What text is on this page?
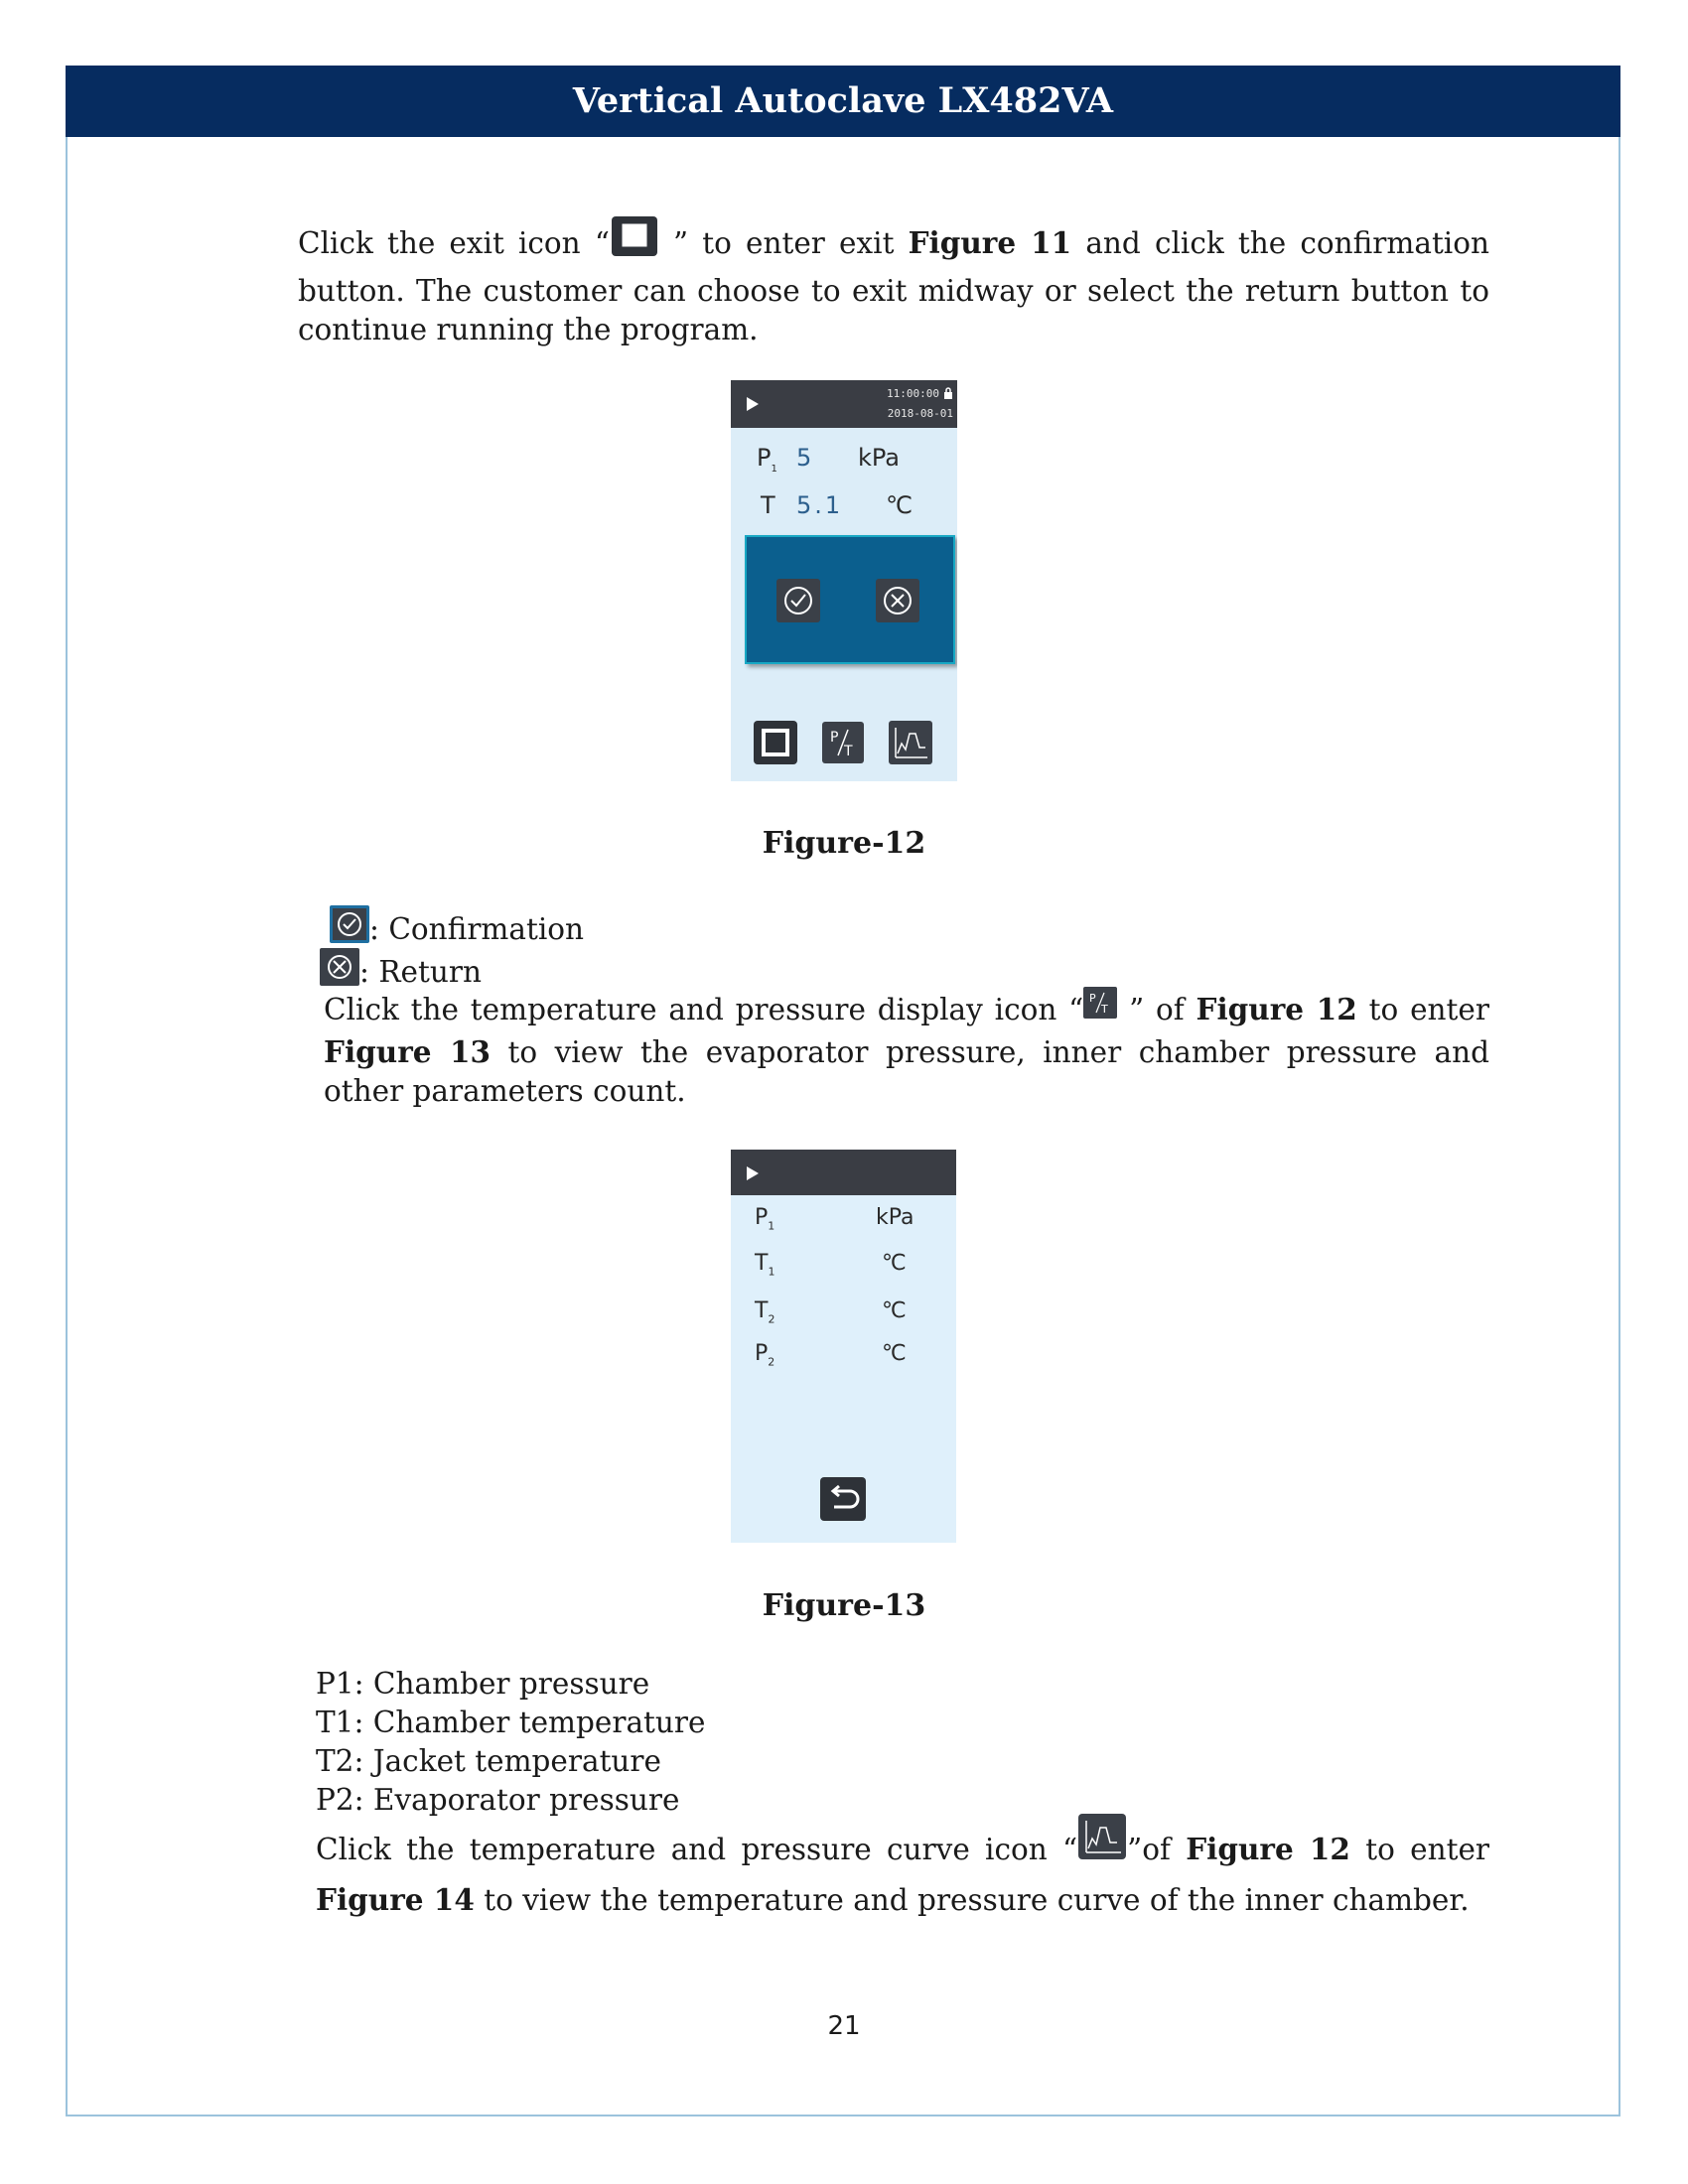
Vertical Autoclave LX482VA
Click the exit icon “ ” to enter exit Figure 11 and click the confirmation button. The customer can choose to exit midway or select the return button to continue running the program.
11:00:00
2018-08-01
$P_1$ 5 kPa
T 5.1 ℃
P
T
Figure-12
: Confirmation
: Return
Click the temperature and pressure display icon “ P
T ” of Figure 12 to enter Figure 13 to view the evaporator pressure, inner chamber pressure and other parameters count.
$P_1$	kPa
$T_1$	℃
$T_2$	℃
$P_2$	℃
Figure-13
P1: Chamber pressure
T1: Chamber temperature
T2: Jacket temperature
P2: Evaporator pressure
Click the temperature and pressure curve icon “ ”of Figure 12 to enter Figure 14 to view the temperature and pressure curve of the inner chamber.
21
